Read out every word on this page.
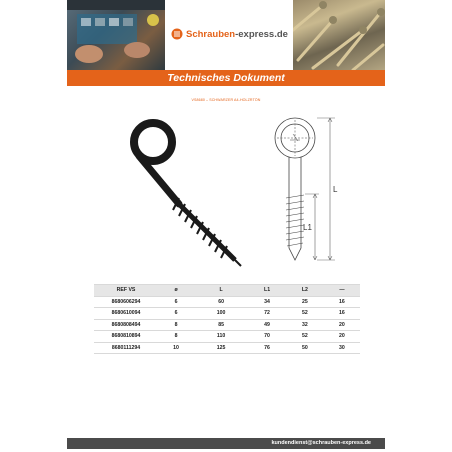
Schrauben -express.de
Technisches Dokument
VS8680 – SCHWARZER A4-HOLZRTÖN
L
L1
REF VS	ø	L	L1	L2	—
8680606294	6	60	34	25	16
8680610094	6	100	72	52	16
8680808494	8	85	49	32	20
8680810894	8	110	70	52	20
8680111294	10	125	76	50	30
kundendienst@schrauben-express.de
